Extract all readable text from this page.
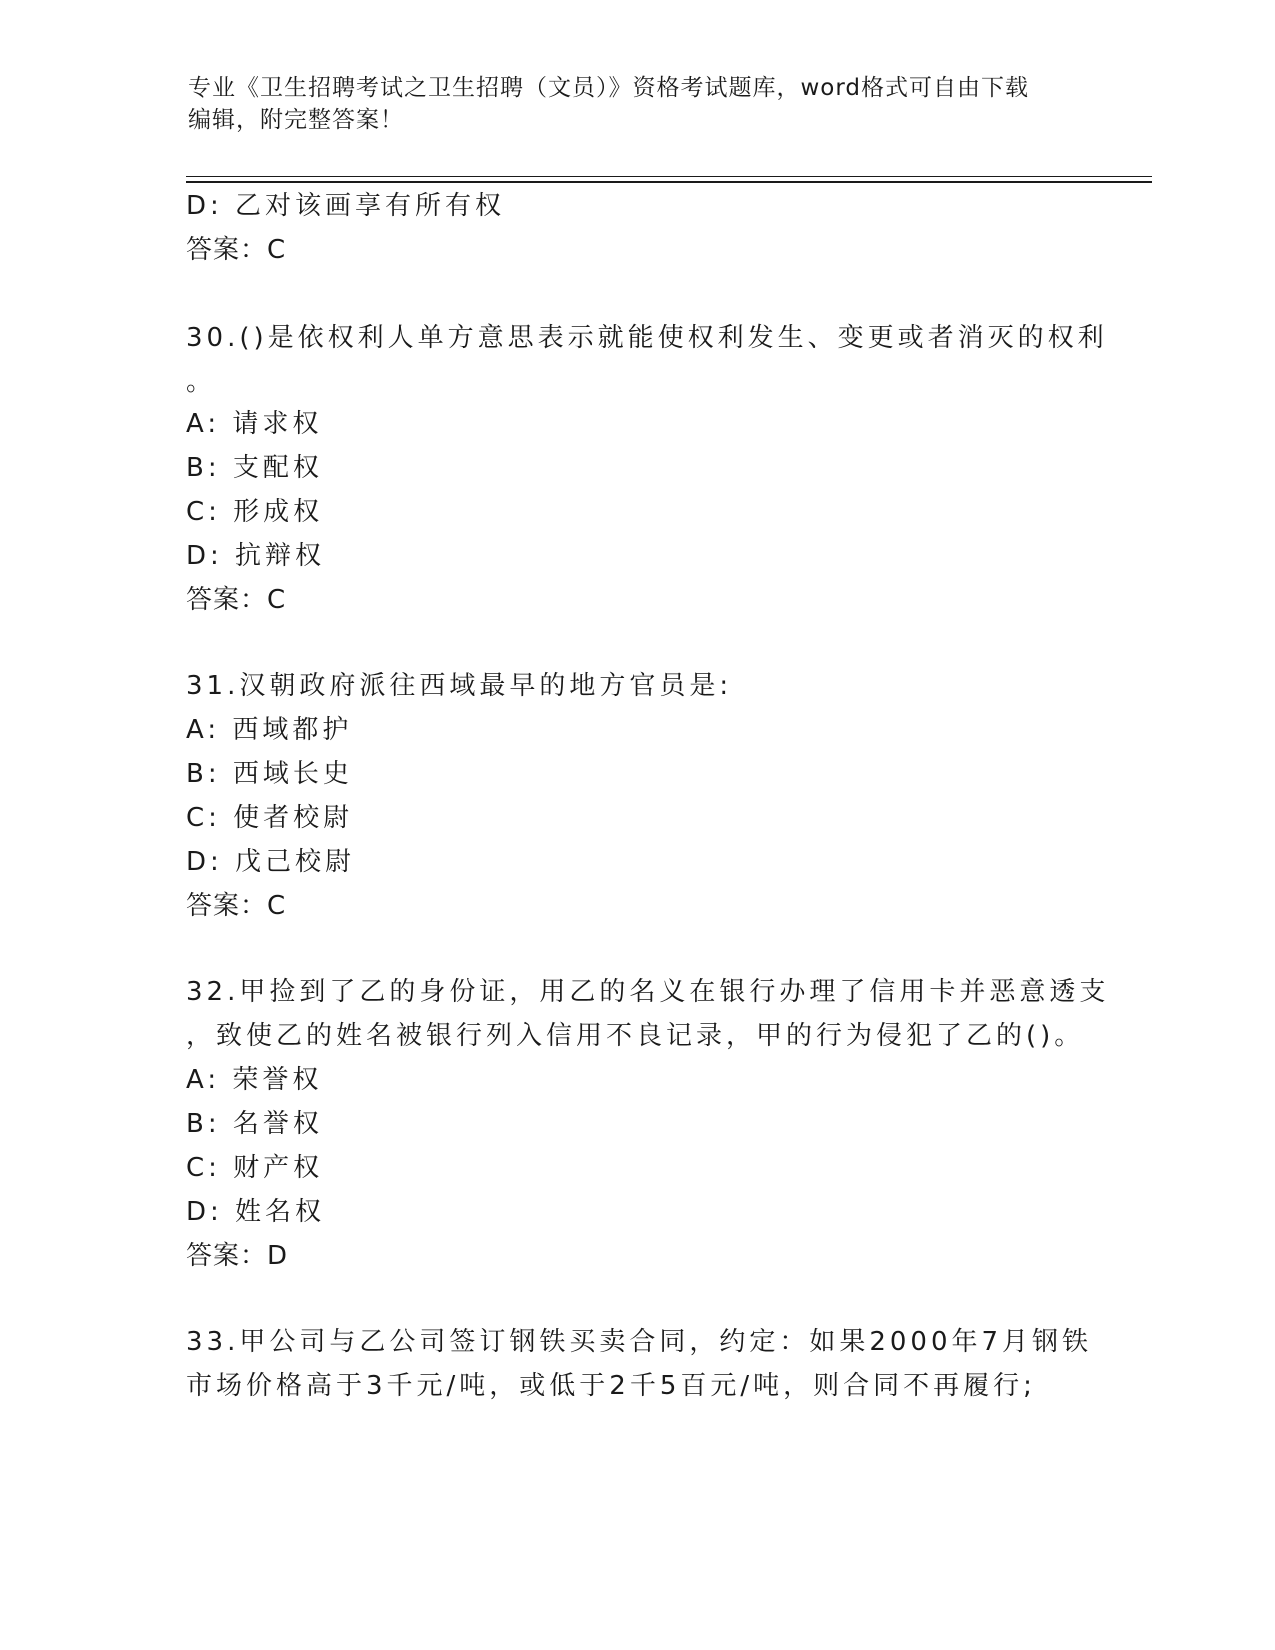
专业《卫生招聘考试之卫生招聘（文员）》资格考试题库，word格式可自由下载
编辑，附完整答案！
D: 乙对该画享有所有权
答案：C
30.()是依权利人单方意思表示就能使权利发生、变更或者消灭的权利
。
A: 请求权
B: 支配权
C: 形成权
D: 抗辩权
答案：C
31.汉朝政府派往西域最早的地方官员是:
A: 西域都护
B: 西域长史
C: 使者校尉
D: 戊己校尉
答案：C
32.甲捡到了乙的身份证，用乙的名义在银行办理了信用卡并恶意透支
，致使乙的姓名被银行列入信用不良记录，甲的行为侵犯了乙的()。
A: 荣誉权
B: 名誉权
C: 财产权
D: 姓名权
答案：D
33.甲公司与乙公司签订钢铁买卖合同，约定：如果2000年7月钢铁
市场价格高于3千元/吨，或低于2千5百元/吨，则合同不再履行;
